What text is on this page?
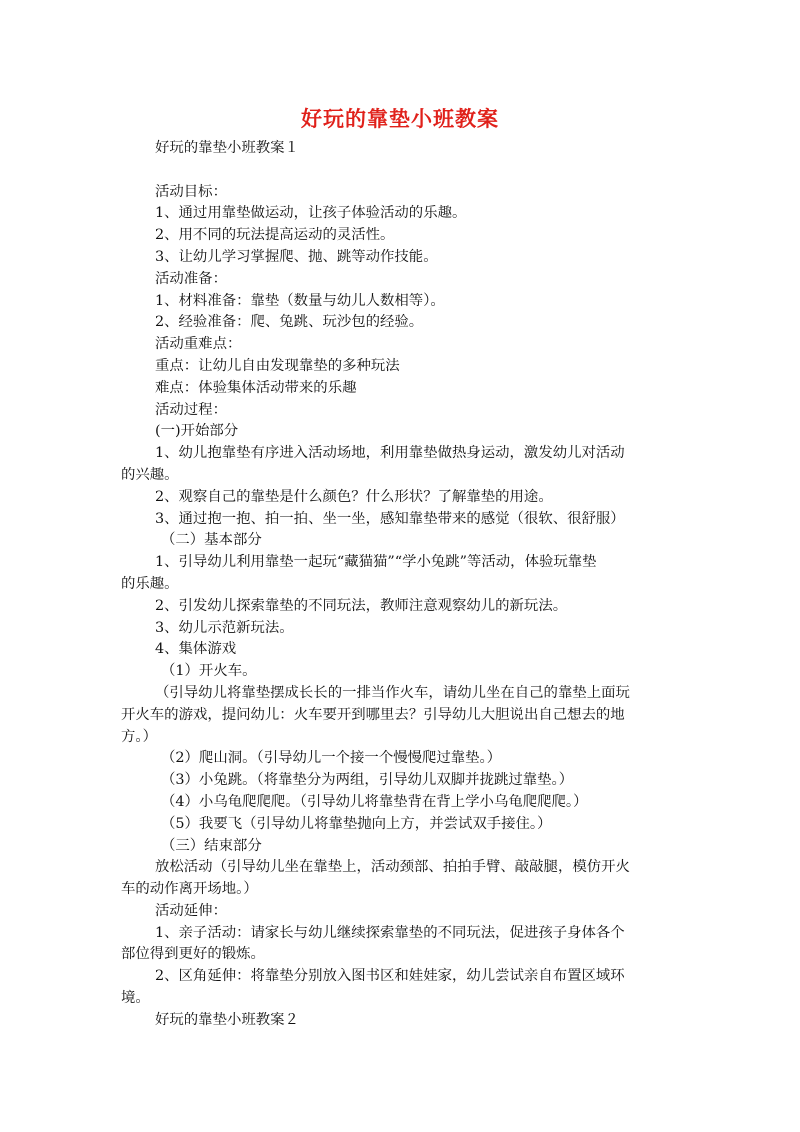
好玩的靠垫小班教案
好玩的靠垫小班教案１
活动目标：
1、通过用靠垫做运动，让孩子体验活动的乐趣。
2、用不同的玩法提高运动的灵活性。
3、让幼儿学习掌握爬、抛、跳等动作技能。
活动准备：
1、材料准备：靠垫（数量与幼儿人数相等）。
2、经验准备：爬、兔跳、玩沙包的经验。
活动重难点：
重点：让幼儿自由发现靠垫的多种玩法
难点：体验集体活动带来的乐趣
活动过程：
(一)开始部分
1、幼儿抱靠垫有序进入活动场地，利用靠垫做热身运动，激发幼儿对活动
的兴趣。
2、观察自己的靠垫是什么颜色？什么形状？了解靠垫的用途。
3、通过抱一抱、拍一拍、坐一坐，感知靠垫带来的感觉（很软、很舒服）
（二）基本部分
1、引导幼儿利用靠垫一起玩“藏猫猫”“学小兔跳”等活动，体验玩靠垫
的乐趣。
2、引发幼儿探索靠垫的不同玩法，教师注意观察幼儿的新玩法。
3、幼儿示范新玩法。
4、集体游戏
（1）开火车。
（引导幼儿将靠垫摆成长长的一排当作火车，请幼儿坐在自己的靠垫上面玩
开火车的游戏，提问幼儿：火车要开到哪里去？引导幼儿大胆说出自己想去的地
方。）
（2）爬山洞。（引导幼儿一个接一个慢慢爬过靠垫。）
（3）小兔跳。（将靠垫分为两组，引导幼儿双脚并拢跳过靠垫。）
（4）小乌龟爬爬爬。（引导幼儿将靠垫背在背上学小乌龟爬爬爬。）
（5）我要飞（引导幼儿将靠垫抛向上方，并尝试双手接住。）
（三）结束部分
放松活动（引导幼儿坐在靠垫上，活动颈部、拍拍手臂、敲敲腿，模仿开火
车的动作离开场地。）
活动延伸：
1、亲子活动：请家长与幼儿继续探索靠垫的不同玩法，促进孩子身体各个
部位得到更好的锻炼。
2、区角延伸：将靠垫分别放入图书区和娃娃家，幼儿尝试亲自布置区域环
境。
好玩的靠垫小班教案２
